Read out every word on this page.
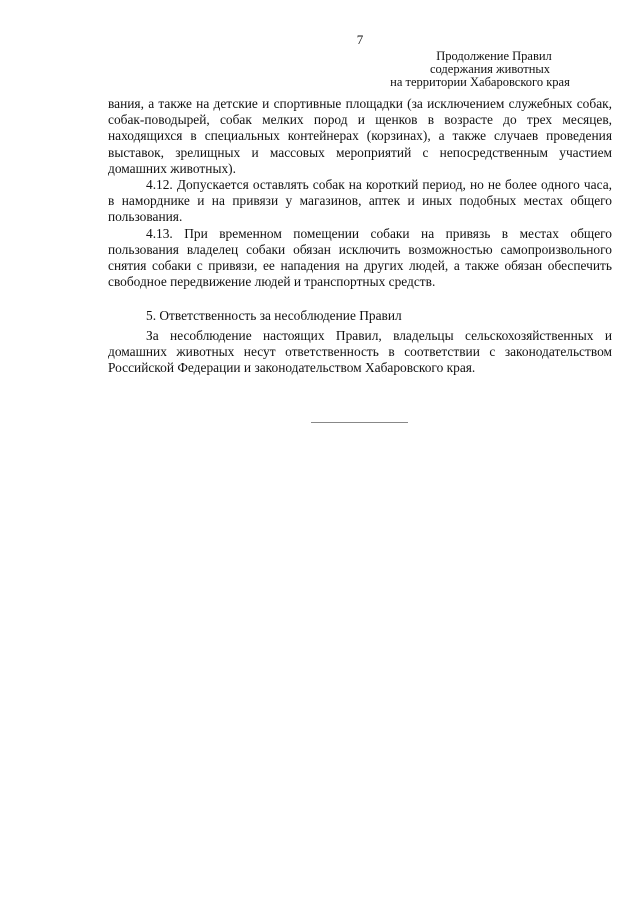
7
Продолжение Правил
содержания животных
на территории Хабаровского края

вания, а также на детские и спортивные площадки (за исключением служебных собак, собак-поводырей, собак мелких пород и щенков в возрасте до трех месяцев, находящихся в специальных контейнерах (корзинах), а также случаев проведения выставок, зрелищных и массовых мероприятий с непосредственным участием домашних животных).

4.12. Допускается оставлять собак на короткий период, но не более одного часа, в наморднике и на привязи у магазинов, аптек и иных подобных местах общего пользования.

4.13. При временном помещении собаки на привязь в местах общего пользования владелец собаки обязан исключить возможностью самопроизвольного снятия собаки с привязи, ее нападения на других людей, а также обязан обеспечить свободное передвижение людей и транспортных средств.

5. Ответственность за несоблюдение Правил

За несоблюдение настоящих Правил, владельцы сельскохозяйственных и домашних животных несут ответственность в соответствии с законодательством Российской Федерации и законодательством Хабаровского края.
